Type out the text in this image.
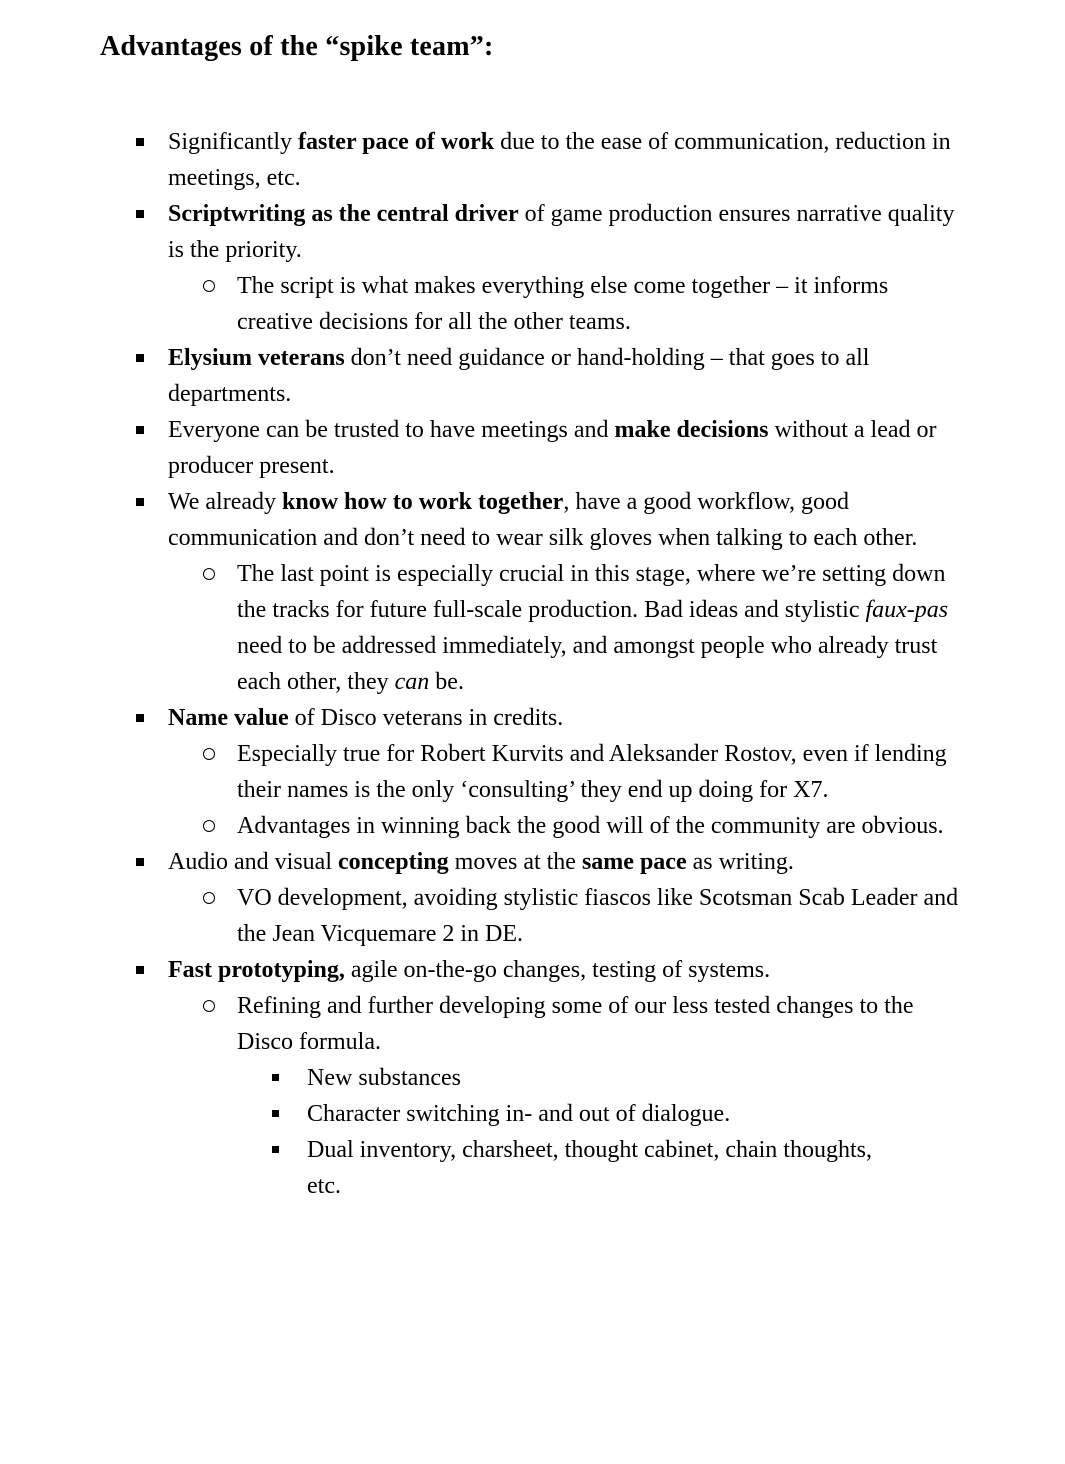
Advantages of the “spike team”:
Significantly faster pace of work due to the ease of communication, reduction in meetings, etc.
Scriptwriting as the central driver of game production ensures narrative quality is the priority.
The script is what makes everything else come together – it informs creative decisions for all the other teams.
Elysium veterans don’t need guidance or hand-holding – that goes to all departments.
Everyone can be trusted to have meetings and make decisions without a lead or producer present.
We already know how to work together, have a good workflow, good communication and don’t need to wear silk gloves when talking to each other.
The last point is especially crucial in this stage, where we’re setting down the tracks for future full-scale production. Bad ideas and stylistic faux-pas need to be addressed immediately, and amongst people who already trust each other, they can be.
Name value of Disco veterans in credits.
Especially true for Robert Kurvits and Aleksander Rostov, even if lending their names is the only ‘consulting’ they end up doing for X7.
Advantages in winning back the good will of the community are obvious.
Audio and visual concepting moves at the same pace as writing.
VO development, avoiding stylistic fiascos like Scotsman Scab Leader and the Jean Vicquemare 2 in DE.
Fast prototyping, agile on-the-go changes, testing of systems.
Refining and further developing some of our less tested changes to the Disco formula.
New substances
Character switching in- and out of dialogue.
Dual inventory, charsheet, thought cabinet, chain thoughts, etc.
